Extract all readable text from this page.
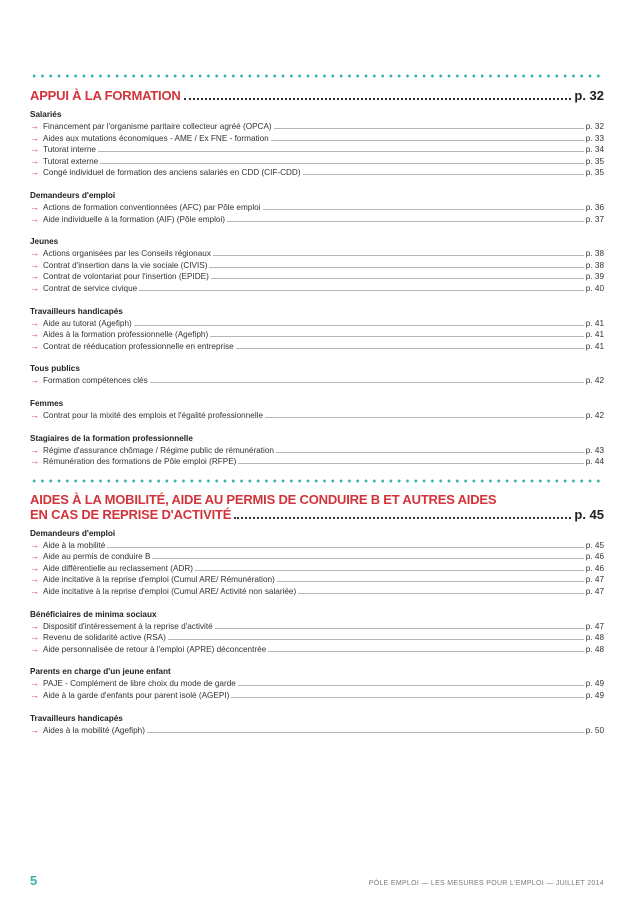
APPUI À LA FORMATION	p. 32
Salariés
→ Financement par l'organisme paritaire collecteur agréé (OPCA)	p. 32
→ Aides aux mutations économiques - AME / Ex FNE - formation	p. 33
→ Tutorat interne	p. 34
→ Tutorat externe	p. 35
→ Congé individuel de formation des anciens salariés en CDD (CIF-CDD)	p. 35
Demandeurs d'emploi
→ Actions de formation conventionnées (AFC) par Pôle emploi	p. 36
→ Aide individuelle à la formation (AIF) (Pôle emploi)	p. 37
Jeunes
→ Actions organisées par les Conseils régionaux	p. 38
→ Contrat d'insertion dans la vie sociale (CIVIS)	p. 38
→ Contrat de volontariat pour l'insertion (EPIDE)	p. 39
→ Contrat de service civique	p. 40
Travailleurs handicapés
→ Aide au tutorat (Agefiph)	p. 41
→ Aides à la formation professionnelle (Agefiph)	p. 41
→ Contrat de rééducation professionnelle en entreprise	p. 41
Tous publics
→ Formation compétences clés	p. 42
Femmes
→ Contrat pour la mixité des emplois et l'égalité professionnelle	p. 42
Stagiaires de la formation professionnelle
→ Régime d'assurance chômage / Régime public de rémunération	p. 43
→ Rémunération des formations de Pôle emploi (RFPE)	p. 44
AIDES À LA MOBILITÉ, AIDE AU PERMIS DE CONDUIRE B ET AUTRES AIDES
EN CAS DE REPRISE D'ACTIVITÉ	p. 45
Demandeurs d'emploi
→ Aide à la mobilité	p. 45
→ Aide au permis de conduire B	p. 46
→ Aide différentielle au reclassement (ADR)	p. 46
→ Aide incitative à la reprise d'emploi (Cumul ARE/ Rémunération)	p. 47
→ Aide incitative à la reprise d'emploi (Cumul ARE/ Activité non salariée)	p. 47
Bénéficiaires de minima sociaux
→ Dispositif d'intéressement à la reprise d'activité	p. 47
→ Revenu de solidarité active (RSA)	p. 48
→ Aide personnalisée de retour à l'emploi (APRE) déconcentrée	p. 48
Parents en charge d'un jeune enfant
→ PAJE - Complément de libre choix du mode de garde	p. 49
→ Aide à la garde d'enfants pour parent isolé (AGEPI)	p. 49
Travailleurs handicapés
→ Aides à la mobilité (Agefiph)	p. 50
5	PÔLE EMPLOI — LES MESURES POUR L'EMPLOI — JUILLET 2014
